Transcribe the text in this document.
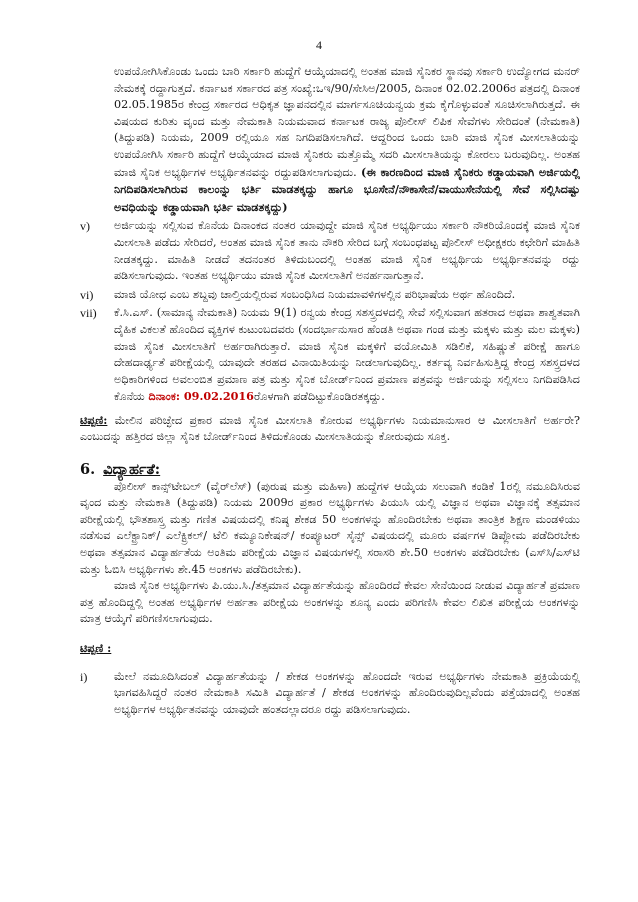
4

ಉಪಯೋಗಿಸಿಕೊಂಡು ಒಂದು ಬಾರಿ ಸರ್ಕಾರಿ ಹುದ್ದೆಗೆ ಆಯ್ಕೆಯಾದಲ್ಲಿ ಅಂತಹ ಮಾಜಿ ಸೈನಿಕರ ಸ್ಥಾನವು ಸರ್ಕಾರಿ ಉದ್ಯೋಗದ ಮನರ್ ನೇಮಕಕ್ಕೆ ರದ್ದಾಗುತ್ತದೆ. ಕರ್ನಾಟಕ ಸರ್ಕಾರದ ಪತ್ರ ಸಂಖ್ಯೆ:ಒಇ/90/ಸೇಸಿಅ/2005, ದಿನಾಂಕ 02.02.2006ರ ಪತ್ರದಲ್ಲಿ ದಿನಾಂಕ 02.05.1985ರ ಕೇಂದ್ರ ಸರ್ಕಾರದ ಅಧಿಕೃತ ಜ್ಞಾಪನದಲ್ಲಿನ ಮಾರ್ಗಸೂಚಿಯನ್ವಯ ಕ್ರಮ ಕೈಗೊಳ್ಳುವಂತೆ ಸೂಚಿಸಲಾಗಿರುತ್ತದೆ. ಈ ವಿಷಯದ ಕುರಿತು ವೃಂದ ಮತ್ತು ನೇಮಕಾತಿ ನಿಯಮವಾದ ಕರ್ನಾಟಕ ರಾಜ್ಯ ಪೊಲೀಸ್ ಲಿಪಿಕ ಸೇವೆಗಳು ಸೇರಿದಂತೆ (ನೇಮಕಾತಿ) (ತಿದ್ದುಪಡಿ) ನಿಯಮ, 2009 ರಲ್ಲಿಯೂ ಸಹ ನಿಗದಿಪಡಿಸಲಾಗಿದೆ. ಆದ್ದರಿಂದ ಒಂದು ಬಾರಿ ಮಾಜಿ ಸೈನಿಕ ಮೀಸಲಾತಿಯನ್ನು ಉಪಯೋಗಿಸಿ ಸರ್ಕಾರಿ ಹುದ್ದೆಗೆ ಆಯ್ಕೆಯಾದ ಮಾಜಿ ಸೈನಿಕರು ಮತ್ತೊಮ್ಮೆ ಸದರಿ ಮೀಸಲಾತಿಯನ್ನು ಕೋರಲು ಬರುವುದಿಲ್ಲ. ಅಂತಹ ಮಾಜಿ ಸೈನಿಕ ಅಭ್ಯರ್ಥಿಗಳ ಅಭ್ಯರ್ಥಿತನವನ್ನು ರದ್ದುಪಡಿಸಲಾಗುವುದು. (ಈ ಕಾರಣದಿಂದ ಮಾಜಿ ಸೈನಿಕರು ಕಡ್ಡಾಯವಾಗಿ ಅರ್ಜಿಯಲ್ಲಿ ನಿಗದಿಪಡಿಸಲಾಗಿರುವ ಕಾಲಂನ್ನು ಭರ್ತಿ ಮಾಡತಕ್ಕದ್ದು ಹಾಗೂ ಭೂಸೇನೆ/ನೌಕಾಸೇನೆ/ವಾಯುಸೇನೆಯಲ್ಲಿ ಸೇವೆ ಸಲ್ಲಿಸಿದಷ್ಟು ಅವಧಿಯನ್ನು ಕಡ್ಡಾಯವಾಗಿ ಭರ್ತಿ ಮಾಡತಕ್ಕದ್ದು)

v)	ಅರ್ಜಿಯನ್ನು ಸಲ್ಲಿಸುವ ಕೊನೆಯ ದಿನಾಂಕದ ನಂತರ ಯಾವುದ್ದೇ ಮಾಜಿ ಸೈನಿಕ ಅಭ್ಯರ್ಥಿಯು ಸರ್ಕಾರಿ ನೌಕರಿಯೊಂದಕ್ಕೆ ಮಾಜಿ ಸೈನಿಕ ಮೀಸಲಾತಿ ಪಡೆದು ಸೇರಿದರೆ, ಅಂತಹ ಮಾಜಿ ಸೈನಿಕ ತಾನು ನೌಕರಿ ಸೇರಿದ ಬಗ್ಗೆ ಸಂಬಂಧಪಟ್ಟ ಪೊಲೀಸ್ ಅಧೀಕ್ಷಕರು ಕಛೇರಿಗೆ ಮಾಹಿತಿ ನೀಡತಕ್ಕದ್ದು. ಮಾಹಿತಿ ನೀಡದೆ ತದನಂತರ ತಿಳಿದುಬಂದಲ್ಲಿ ಅಂತಹ ಮಾಜಿ ಸೈನಿಕ ಅಭ್ಯರ್ಥಿಯ ಅಭ್ಯರ್ಥಿತನವನ್ನು ರದ್ದು ಪಡಿಸಲಾಗುವುದು. ಇಂತಹ ಅಭ್ಯರ್ಥಿಯು ಮಾಜಿ ಸೈನಿಕ ಮೀಸಲಾತಿಗೆ ಅನರ್ಹನಾಗುತ್ತಾನೆ.
vi)	ಮಾಜಿ ಯೋಧ ಎಂಬ ಶಬ್ದವು ಚಾಲ್ತಿಯಲ್ಲಿರುವ ಸಂಬಂಧಿಸಿದ ನಿಯಮಾವಳಿಗಳಲ್ಲಿನ ಪರಿಭಾಷೆಯ ಅರ್ಥ ಹೊಂದಿದೆ.
vii)	ಕೆ.ಸಿ.ಎಸ್. (ಸಾಮಾನ್ಯ ನೇಮಕಾತಿ) ನಿಯಮ 9(1) ರನ್ವಯ ಕೇಂದ್ರ ಸಶಸ್ತ್ರದಳದಲ್ಲಿ ಸೇವೆ ಸಲ್ಲಿಸುವಾಗ ಹತರಾದ ಅಥವಾ ಶಾಶ್ವತವಾಗಿ ದೈಹಿಕ ವಿಕಲತೆ ಹೊಂದಿದ ವ್ಯಕ್ತಿಗಳ ಕುಟುಂಬದವರು (ಸಂದರ್ಭಾನುಸಾರ ಹೆಂಡತಿ ಅಥವಾ ಗಂಡ ಮತ್ತು ಮಕ್ಕಳು ಮತ್ತು ಮಲ ಮಕ್ಕಳು) ಮಾಜಿ ಸೈನಿಕ ಮೀಸಲಾತಿಗೆ ಅರ್ಹರಾಗಿರುತ್ತಾರೆ. ಮಾಜಿ ಸೈನಿಕ ಮಕ್ಕಳಿಗೆ ವಯೋಮಿತಿ ಸಡಿಲಿಕೆ, ಸಹಿಷ್ಣುತೆ ಪರೀಕ್ಷೆ ಹಾಗೂ ದೇಹದಾರ್ಢ್ಯತೆ ಪರೀಕ್ಷೆಯಲ್ಲಿ ಯಾವುದೇ ತರಹದ ವಿನಾಯಿತಿಯನ್ನು ನೀಡಲಾಗುವುದಿಲ್ಲ. ಕರ್ತವ್ಯ ನಿರ್ವಹಿಸುತ್ತಿದ್ದ ಕೇಂದ್ರ ಸಶಸ್ತ್ರದಳದ ಅಧಿಕಾರಿಗಳಿಂದ ಅವಲಂಬಿತ ಪ್ರಮಾಣ ಪತ್ರ ಮತ್ತು ಸೈನಿಕ ಬೋರ್ಡ್‌ನಿಂದ ಪ್ರಮಾಣ ಪತ್ರವನ್ನು ಅರ್ಜಿಯನ್ನು ಸಲ್ಲಿಸಲು ನಿಗದಿಪಡಿಸಿದ ಕೊನೆಯ ದಿನಾಂಕ: 09.02.2016ರೊಳಗಾಗಿ ಪಡೆದಿಟ್ಟುಕೊಂಡಿರತಕ್ಕದ್ದು.
ಟಿಪ್ಪಣಿ: ಮೇಲಿನ ಪರಿಚ್ಛೇದ ಪ್ರಕಾರ ಮಾಜಿ ಸೈನಿಕ ಮೀಸಲಾತಿ ಕೋರುವ ಅಭ್ಯರ್ಥಿಗಳು ನಿಯಮಾನುಸಾರ ಆ ಮೀಸಲಾತಿಗೆ ಅರ್ಹರೇ? ಎಂಬುದನ್ನು ಹತ್ತಿರದ ಜಿಲ್ಲಾ ಸೈನಿಕ ಬೋರ್ಡ್‌ನಿಂದ ತಿಳಿದುಕೊಂಡು ಮೀಸಲಾತಿಯನ್ನು ಕೋರುವುದು ಸೂಕ್ತ.
6. ವಿದ್ಯಾರ್ಹತೆ:
ಪೊಲೀಸ್ ಕಾನ್ಸ್‌ಟೇಬಲ್ (ವೈರ್‌ಲೆಸ್) (ಪುರುಷ ಮತ್ತು ಮಹಿಳಾ) ಹುದ್ದೆಗಳ ಆಯ್ಕೆಯ ಸಲುವಾಗಿ ಕಂಡಿಕೆ 1ರಲ್ಲಿ ನಮೂದಿಸಿರುವ ವೃಂದ ಮತ್ತು ನೇಮಕಾತಿ (ತಿದ್ದುಪಡಿ) ನಿಯಮ 2009ರ ಪ್ರಕಾರ ಅಭ್ಯರ್ಥಿಗಳು ಪಿಯುಸಿ ಯಲ್ಲಿ ವಿಜ್ಞಾನ ಅಥವಾ ವಿಜ್ಞಾನಕ್ಕೆ ತತ್ಸಮಾನ ಪರೀಕ್ಷೆಯಲ್ಲಿ ಭೌತಶಾಸ್ತ್ರ ಮತ್ತು ಗಣಿತ ವಿಷಯದಲ್ಲಿ ಕನಿಷ್ಠ ಶೇಕಡ 50 ಅಂಕಗಳನ್ನು ಹೊಂದಿರಬೇಕು ಅಥವಾ ತಾಂತ್ರಿಕ ಶಿಕ್ಷಣ ಮಂಡಳಿಯು ನಡೆಸುವ ಎಲೆಕ್ಟ್ರಾನಿಕ್/ ಎಲೆಕ್ಟ್ರಿಕಲ್/ ಟೆಲಿ ಕಮ್ಯೂನಿಕೇಷನ್/ ಕಂಪ್ಯೂಟರ್ ಸೈನ್ಸ್ ವಿಷಯದಲ್ಲಿ ಮೂರು ವರ್ಷಗಳ ಡಿಪ್ಲೋಮ ಪಡೆದಿರಬೇಕು ಅಥವಾ ತತ್ಸಮಾನ ವಿದ್ಯಾರ್ಹತೆಯ ಅಂತಿಮ ಪರೀಕ್ಷೆಯ ವಿಜ್ಞಾನ ವಿಷಯಗಳಲ್ಲಿ ಸರಾಸರಿ ಶೇ.50 ಅಂಕಗಳು ಪಡೆದಿರಬೇಕು (ಎಸ್‌ಸಿ/ಎಸ್‌ಟಿ ಮತ್ತು ಓಬಿಸಿ ಅಭ್ಯರ್ಥಿಗಳು ಶೇ.45 ಅಂಕಗಳು ಪಡೆದಿರಬೇಕು).
ಮಾಜಿ ಸೈನಿಕ ಅಭ್ಯರ್ಥಿಗಳು ಪಿ.ಯು.ಸಿ./ತತ್ಸಮಾನ ವಿದ್ಯಾರ್ಹತೆಯನ್ನು ಹೊಂದಿರದೆ ಕೇವಲ ಸೇನೆಯಿಂದ ನೀಡುವ ವಿದ್ಯಾರ್ಹತೆ ಪ್ರಮಾಣ ಪತ್ರ ಹೊಂದಿದ್ದಲ್ಲಿ ಅಂತಹ ಅಭ್ಯರ್ಥಿಗಳ ಅರ್ಹತಾ ಪರೀಕ್ಷೆಯ ಅಂಕಗಳನ್ನು ಶೂನ್ಯ ಎಂದು ಪರಿಗಣಿಸಿ ಕೇವಲ ಲಿಖಿತ ಪರೀಕ್ಷೆಯ ಅಂಕಗಳನ್ನು ಮಾತ್ರ ಆಯ್ಕೆಗೆ ಪರಿಗಣಿಸಲಾಗುವುದು.
ಟಿಪ್ಪಣಿ :
i)	ಮೇಲೆ ನಮೂದಿಸಿದಂತೆ ವಿದ್ಯಾರ್ಹತೆಯನ್ನು / ಶೇಕಡ ಅಂಕಗಳನ್ನು ಹೊಂದದೇ ಇರುವ ಅಭ್ಯರ್ಥಿಗಳು ನೇಮಕಾತಿ ಪ್ರಕ್ರಿಯೆಯಲ್ಲಿ ಭಾಗವಹಿಸಿದ್ದರೆ ನಂತರ ನೇಮಕಾತಿ ಸಮಿತಿ ವಿದ್ಯಾರ್ಹತೆ / ಶೇಕಡ ಅಂಕಗಳನ್ನು ಹೊಂದಿರುವುದಿಲ್ಲವೆಂದು ಪತ್ತೆಯಾದಲ್ಲಿ ಅಂತಹ ಅಭ್ಯರ್ಥಿಗಳ ಅಭ್ಯರ್ಥಿತನವನ್ನು ಯಾವುದೇ ಹಂತದಲ್ಲಾದರೂ ರದ್ದು ಪಡಿಸಲಾಗುವುದು.
